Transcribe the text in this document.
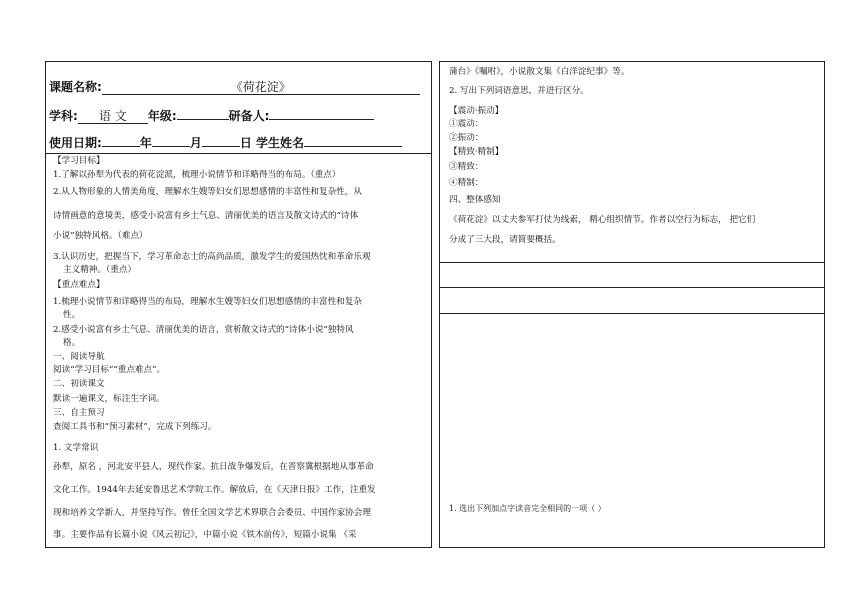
课题名称:	《荷花淀》
学科: 语 文 年级:	研备人:
使用日期:	年	月	日 学生姓名
【学习目标】
1.了解以孙犁为代表的荷花淀派，梳理小说情节和详略得当的布局。（重点）
2.从人物形象的人情美角度，理解水生嫂等妇女们思想感情的丰富性和复杂性，从
诗情画意的意境美，感受小说富有乡土气息、清丽优美的语言及散文诗式的“诗体
小说”独特风格。（难点）
3.认识历史，把握当下，学习革命志士的高尚品质，激发学生的爱国热忱和革命乐观
主义精神。（重点）
【重点难点】
1.梳理小说情节和详略得当的布局，理解水生嫂等妇女们思想感情的丰富性和复杂
性。
2.感受小说富有乡土气息、清丽优美的语言，赏析散文诗式的“诗体小说”独特风
格。
一、阅读导航
阅读“学习目标”“重点难点”。
二、初读课文
默读一遍课文，标注生字词。
三、自主预习
查阅工具书和“预习素材”，完成下列练习。
1. 文学常识
孙犁，原名 ，河北安平县人，现代作家。抗日战争爆发后，在晋察冀根据地从事革命
文化工作。1944年去延安鲁迅艺术学院工作。解放后，在《天津日报》工作，注重发
现和培养文学新人，并坚持写作。曾任全国文学艺术界联合会委员、中国作家协会理
事。主要作品有长篇小说《风云初记》，中篇小说《铁木前传》，短篇小说集 《采
蒲台》《嘱咐》，小说散文集《白洋淀纪事》等。
2. 写出下列词语意思，并进行区分。
【震动·振动】
①震动：
②振动：
【精致·精制】
③精致：
④精制：
四、整体感知
《荷花淀》以丈夫参军打仗为线索， 精心组织情节。作者以空行为标志， 把它们
分成了三大段，请简要概括。
1. 选出下列加点字读音完全相同的一项（ ）
